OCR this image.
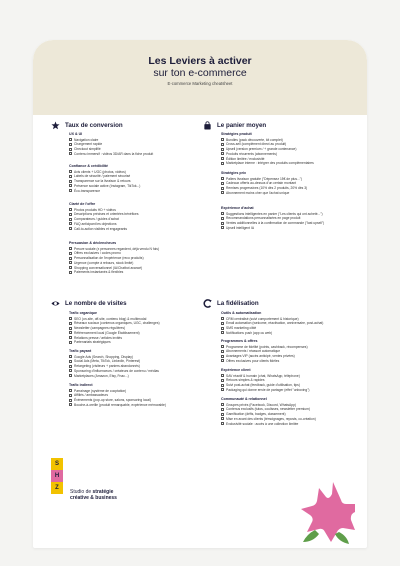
Les Leviers à activer
sur ton e-commerce
E-commerce Marketing cheatsheet
Taux de conversion
UX & UI
Navigation claire
Chargement rapide
Checkout simplifié
Contenu immersif : vidéos 3D/AR dans la fiche produit
Confiance & crédibilité
Avis clients + UGC (photos, vidéos)
Labels de sécurité / paiement sécurisé
Transparence sur la livraison & retours
Présence sociale active (Instagram, TikTok...)
Éco-transparence
Clarté de l'offre
Photos produits HD + vidéos
Descriptions précises et orientées bénéfices
Comparateurs / guides d'achat
FAQ anticipant les objections
Call-to-action visibles et engageants
Persuasion & déclencheurs
Preuve sociale (x personnes regardent, déjà vendu N fois)
Offres exclusives / codes promo
Personnalisation de l'expérience (reco produits)
Urgence (compte à rebours, stock limité)
Shopping conversationnel (IA/Chatbot avancé)
Paiements instantanés & flexibles
Le panier moyen
Stratégies produit
Bundles (pack découverte, kit complet)
Cross-sell (complément direct au produit)
Upsell (version premium / + grande contenance)
Produits récurrents (abonnements)
Édition limitée / exclusivité
Marketplace interne : intégrer des produits complémentaires
Stratégies prix
Paliers livraison gratuite ("Dépensez 15€ de plus...")
Cadeaux offerts au-dessus d'un certain montant
Remises progressives (10% dès 2 produits, 20% dès 3)
Abonnement moins cher que l'achat unique
Expérience d'achat
Suggestions intelligentes en panier ("Les clients qui ont acheté...")
Recommandations personnalisées en page produit
Ventes additionnelles à la confirmation de commande ("last upsell")
Upsell intelligent IA
Le nombre de visites
Trafic organique
SEO (on-site, off-site, contenu blog) & multimodal
Réseaux sociaux (contenus organiques, UGC, challenges)
Newsletter (campagnes régulières)
Référencement local (Google Établissement)
Relations presse / articles invités
Partenariats stratégiques
Trafic payant
Google Ads (Search, Shopping, Display)
Social Ads (Meta, TikTok, LinkedIn, Pinterest)
Retargeting (visiteurs + paniers abandonnés)
Sponsoring d'influenceurs / créateurs de contenu / médias
Marketplaces (Amazon, Etsy, Fnac...)
Trafic indirect
Parrainage (système de cooptation)
Affiliés / ambassadeurs
Événements (pop-up store, salons, sponsoring local)
Bouche-à-oreille (produit remarquable, expérience mémorable)
La fidélisation
Outils & automatisation
CRM centralisé (suivi comportement & historique)
Email automation (welcome, réactivation, anniversaire, post-achat)
SMS marketing ciblé
Notifications push (app ou web)
Programmes & offres
Programme de fidélité (points, cashback, récompenses)
Abonnements / réassort automatique
Avantages VIP (accès anticipé, ventes privées)
Offres exclusives pour clients fidèles
Expérience client
SAV réactif & humain (chat, WhatsApp, téléphone)
Retours simples & rapides
Suivi post-achat (feedback, guide d'utilisation, tips)
Packaging qui donne envie de partager (effet "unboxing")
Communauté & relationnel
Groupes privés (Facebook, Discord, WhatsApp)
Contenus exclusifs (tutos, coulisses, newsletter premium)
Gamification (défis, badges, classement)
Mise en avant des clients (témoignages, reposts, co-création)
Exclusivité sociale : accès à une collection limitée
S
H
Z
Studio de stratégie
créative & business
